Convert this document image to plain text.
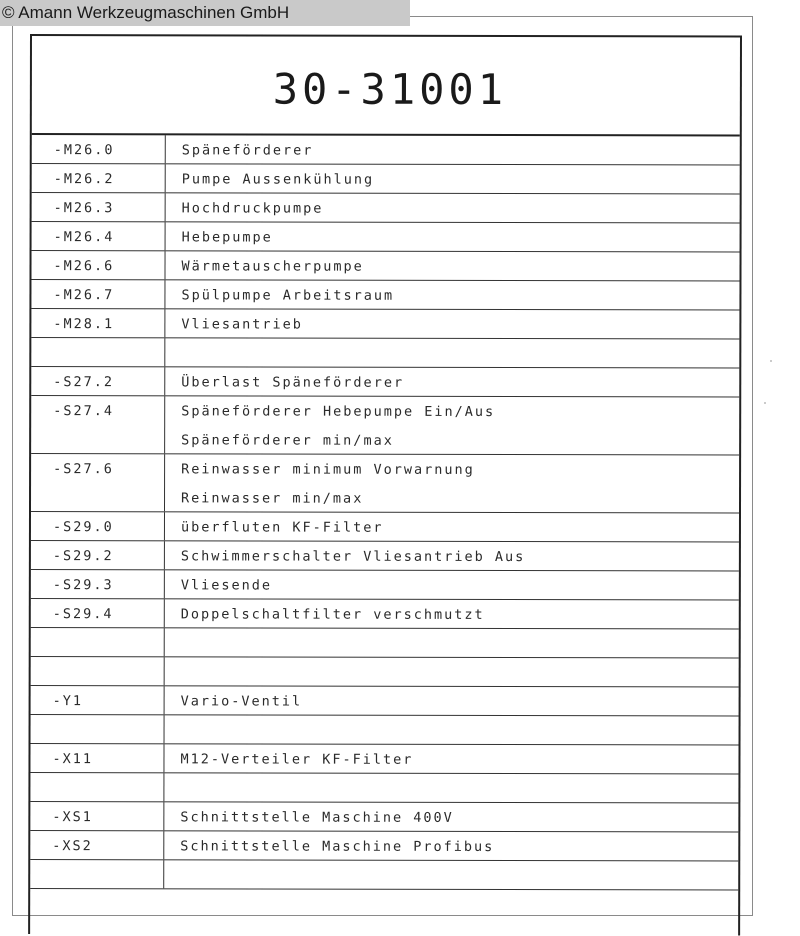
© Amann Werkzeugmaschinen GmbH
30-31001
-M26.0	Späneförderer
-M26.2	Pumpe Aussenkühlung
-M26.3	Hochdruckpumpe
-M26.4	Hebepumpe
-M26.6	Wärmetauscherpumpe
-M26.7	Spülpumpe Arbeitsraum
-M28.1	Vliesantrieb
-S27.2	Überlast Späneförderer
-S27.4	Späneförderer Hebepumpe Ein/Aus
Späneförderer min/max
-S27.6	Reinwasser minimum Vorwarnung
Reinwasser min/max
-S29.0	überfluten KF-Filter
-S29.2	Schwimmerschalter Vliesantrieb Aus
-S29.3	Vliesende
-S29.4	Doppelschaltfilter verschmutzt
-Y1	Vario-Ventil
-X11	M12-Verteiler KF-Filter
-XS1	Schnittstelle Maschine 400V
-XS2	Schnittstelle Maschine Profibus
